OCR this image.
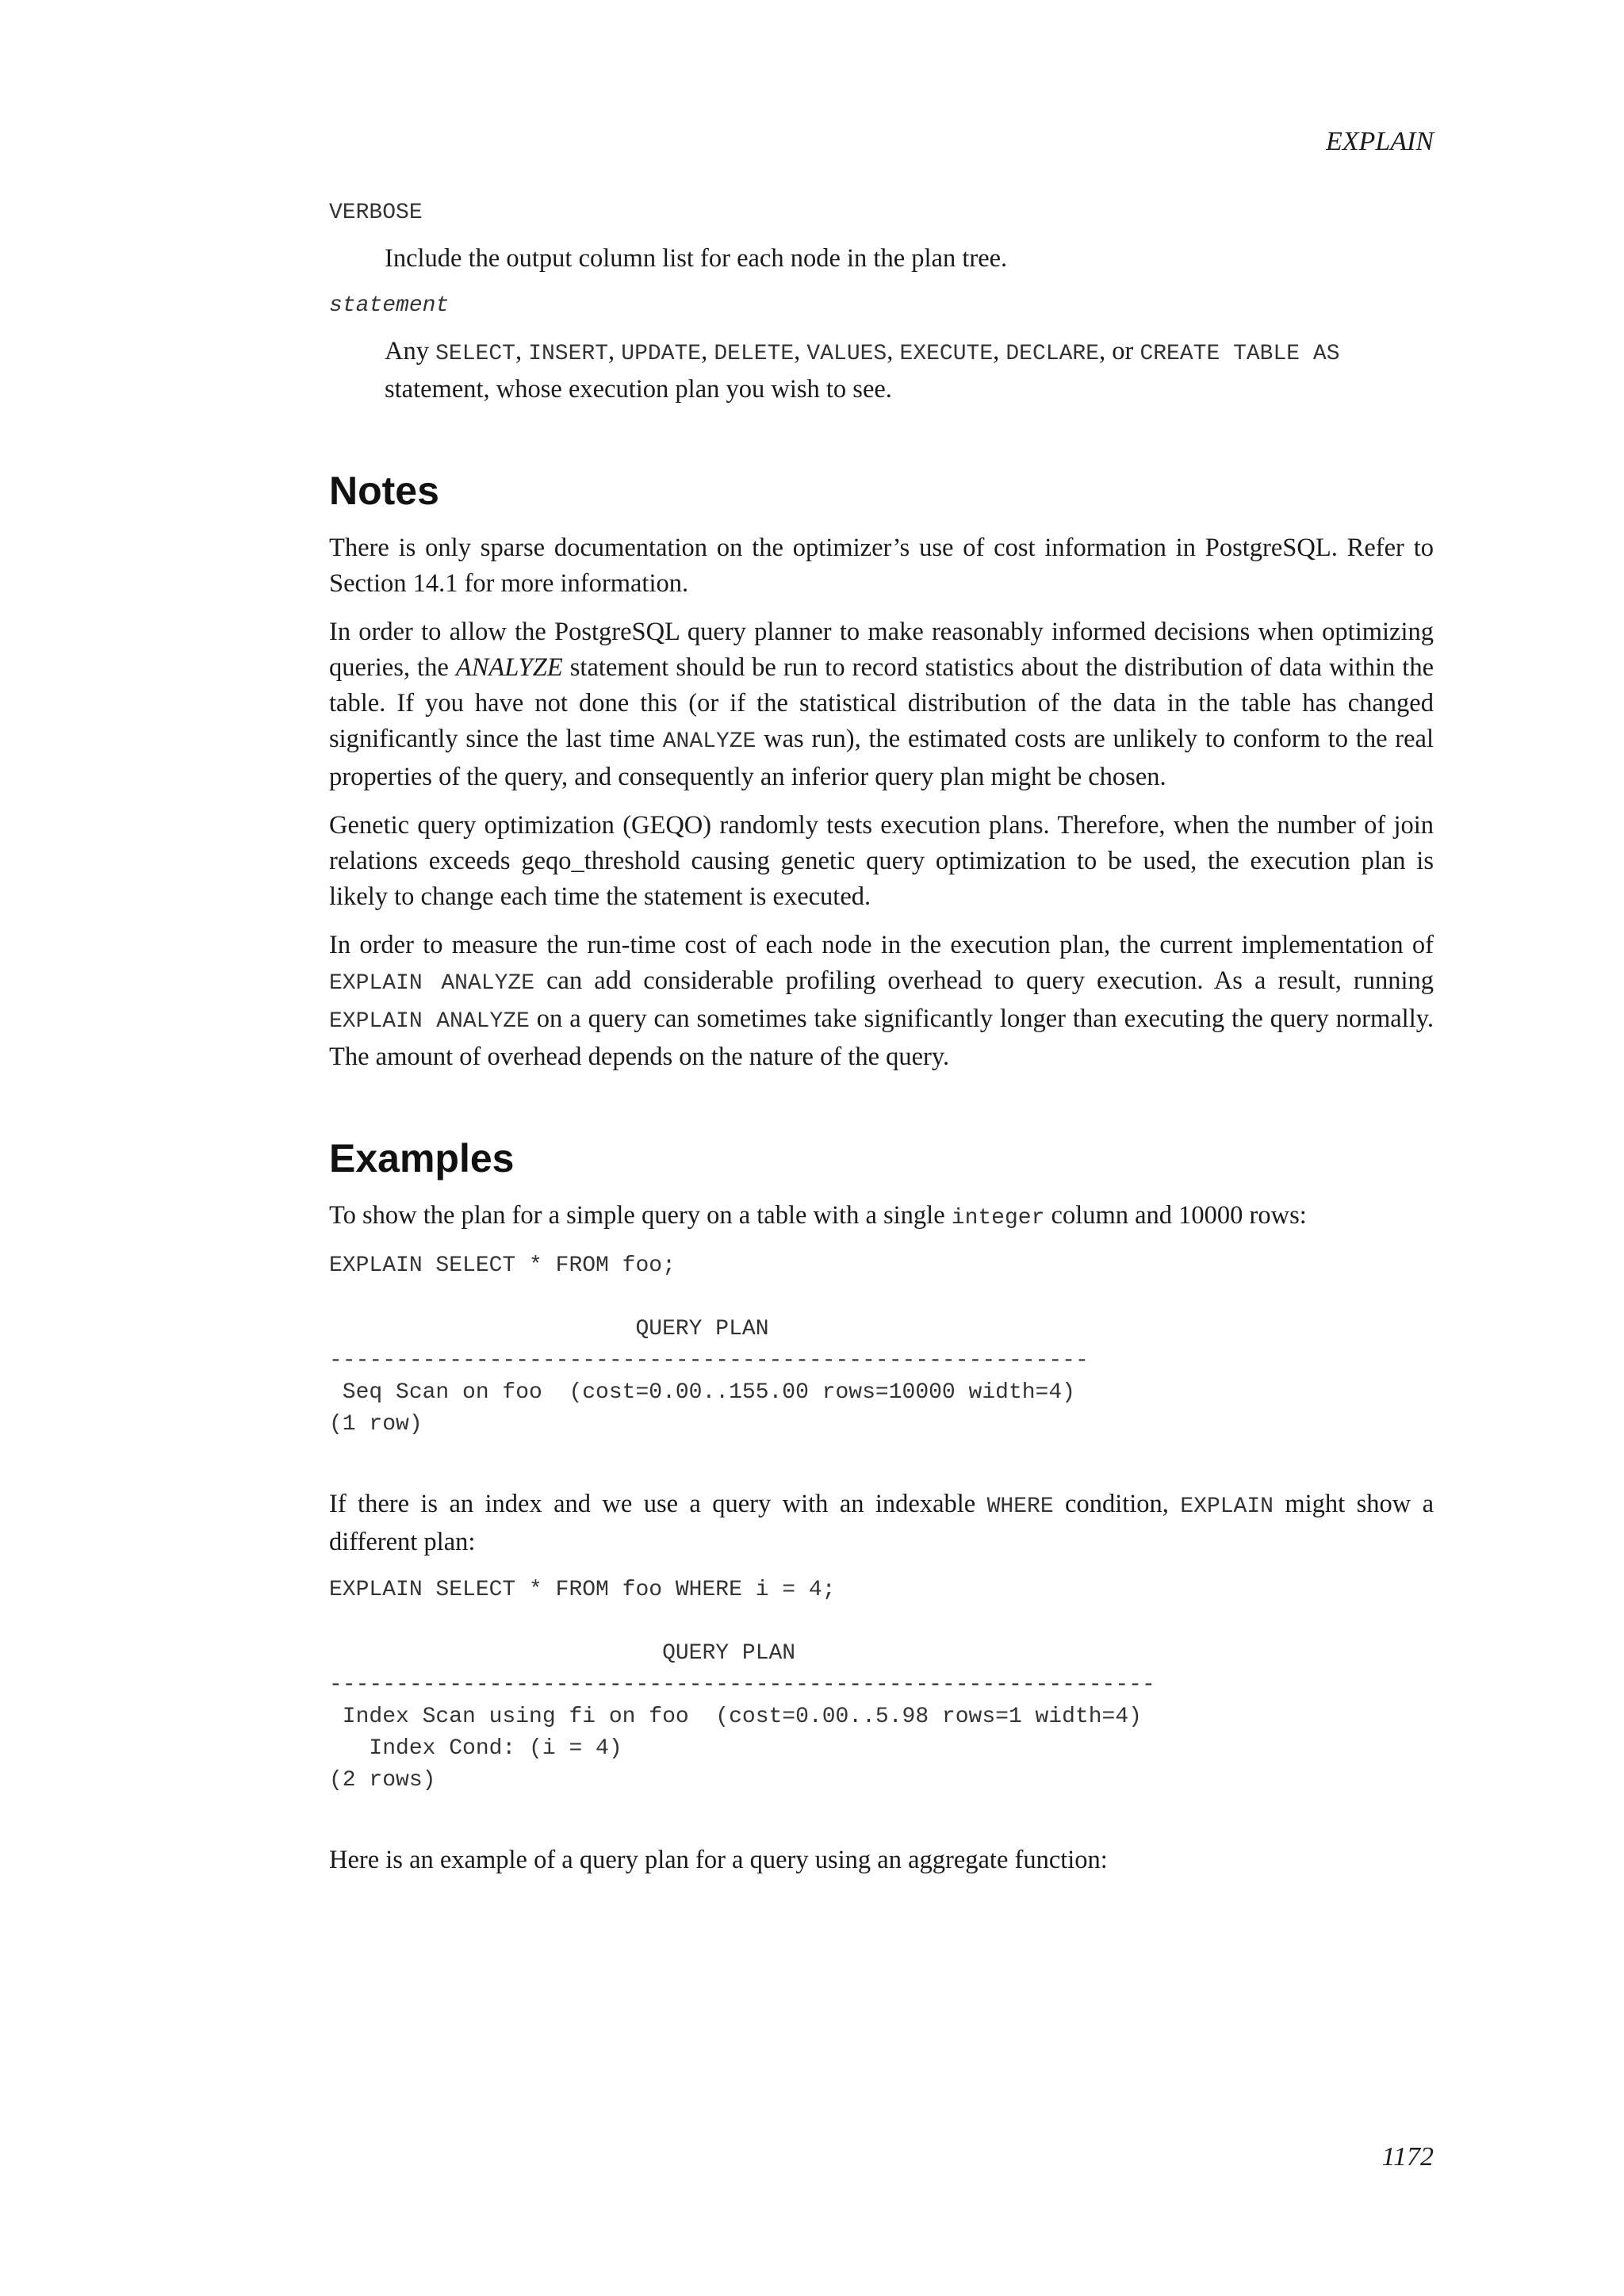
EXPLAIN
VERBOSE

Include the output column list for each node in the plan tree.

statement

Any SELECT, INSERT, UPDATE, DELETE, VALUES, EXECUTE, DECLARE, or CREATE TABLE AS statement, whose execution plan you wish to see.

Notes

There is only sparse documentation on the optimizer’s use of cost information in PostgreSQL. Refer to Section 14.1 for more information.

In order to allow the PostgreSQL query planner to make reasonably informed decisions when optimizing queries, the ANALYZE statement should be run to record statistics about the distribution of data within the table. If you have not done this (or if the statistical distribution of the data in the table has changed significantly since the last time ANALYZE was run), the estimated costs are unlikely to conform to the real properties of the query, and consequently an inferior query plan might be chosen.

Genetic query optimization (GEQO) randomly tests execution plans. Therefore, when the number of join relations exceeds geqo_threshold causing genetic query optimization to be used, the execution plan is likely to change each time the statement is executed.

In order to measure the run-time cost of each node in the execution plan, the current implementation of EXPLAIN ANALYZE can add considerable profiling overhead to query execution. As a result, running EXPLAIN ANALYZE on a query can sometimes take significantly longer than executing the query normally. The amount of overhead depends on the nature of the query.

Examples

To show the plan for a simple query on a table with a single integer column and 10000 rows:

EXPLAIN SELECT * FROM foo;

QUERY PLAN
---------------------------------------------------------
Seq Scan on foo  (cost=0.00..155.00 rows=10000 width=4)
(1 row)

If there is an index and we use a query with an indexable WHERE condition, EXPLAIN might show a different plan:

EXPLAIN SELECT * FROM foo WHERE i = 4;

QUERY PLAN
--------------------------------------------------------------
Index Scan using fi on foo  (cost=0.00..5.98 rows=1 width=4)
Index Cond: (i = 4)
(2 rows)

Here is an example of a query plan for a query using an aggregate function:

1172
